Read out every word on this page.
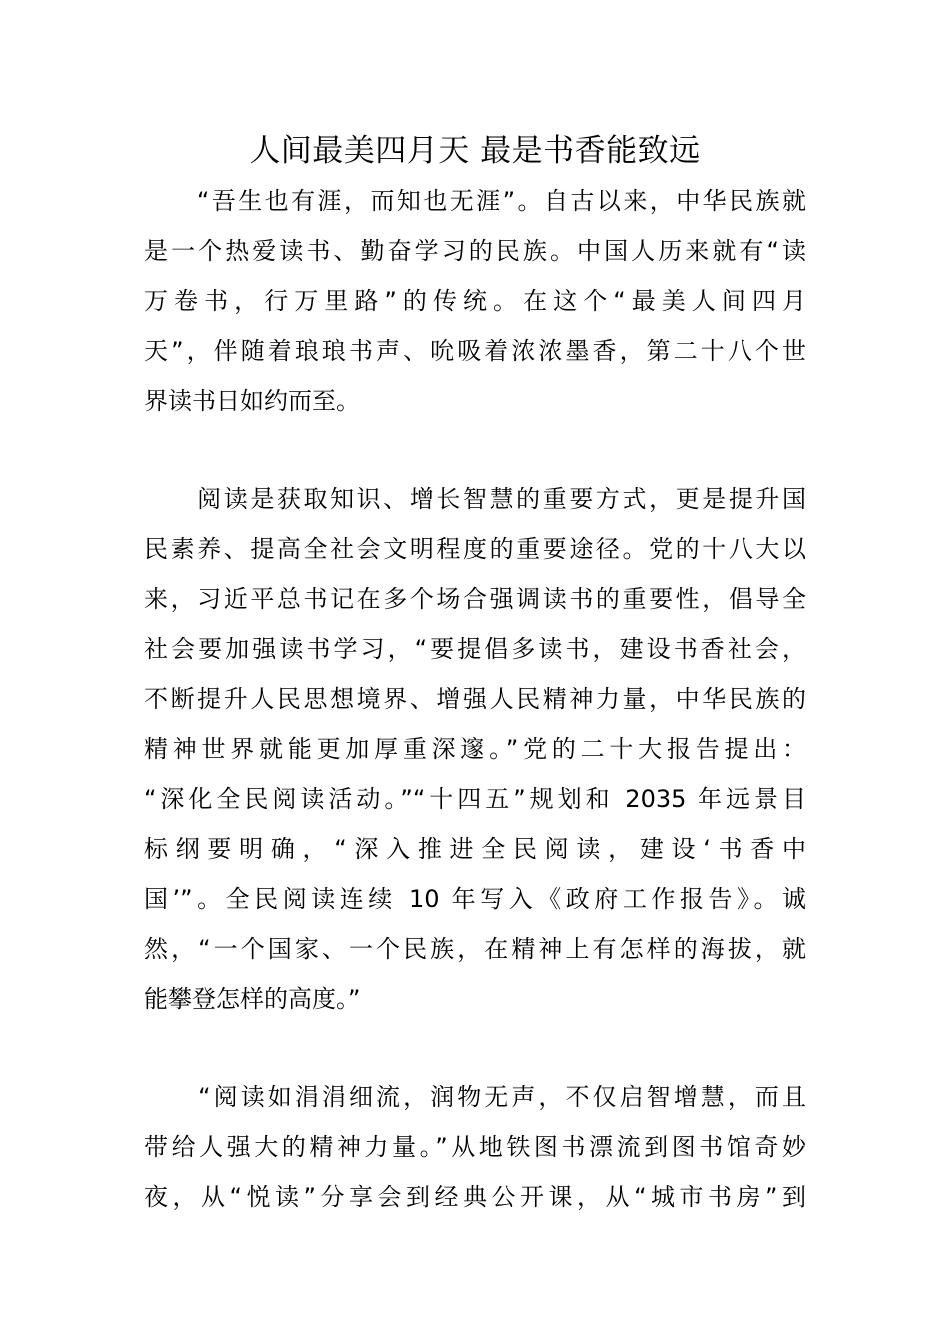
人间最美四月天 最是书香能致远
　　“吾生也有涯，而知也无涯”。自古以来，中华民族就
是一个热爱读书、勤奋学习的民族。中国人历来就有“读
万卷书，行万里路”的传统。在这个“最美人间四月
天”，伴随着琅琅书声、吮吸着浓浓墨香，第二十八个世
界读书日如约而至。
　　阅读是获取知识、增长智慧的重要方式，更是提升国
民素养、提高全社会文明程度的重要途径。党的十八大以
来，习近平总书记在多个场合强调读书的重要性，倡导全
社会要加强读书学习，“要提倡多读书，建设书香社会，
不断提升人民思想境界、增强人民精神力量，中华民族的
精神世界就能更加厚重深邃。”党的二十大报告提出：
“深化全民阅读活动。”“十四五”规划和 2035 年远景目
标纲要明确，“深入推进全民阅读，建设‘书香中
国’”。全民阅读连续 10 年写入《政府工作报告》。诚
然，“一个国家、一个民族，在精神上有怎样的海拔，就
能攀登怎样的高度。”
　　“阅读如涓涓细流，润物无声，不仅启智增慧，而且
带给人强大的精神力量。”从地铁图书漂流到图书馆奇妙
夜，从“悦读”分享会到经典公开课，从“城市书房”到
